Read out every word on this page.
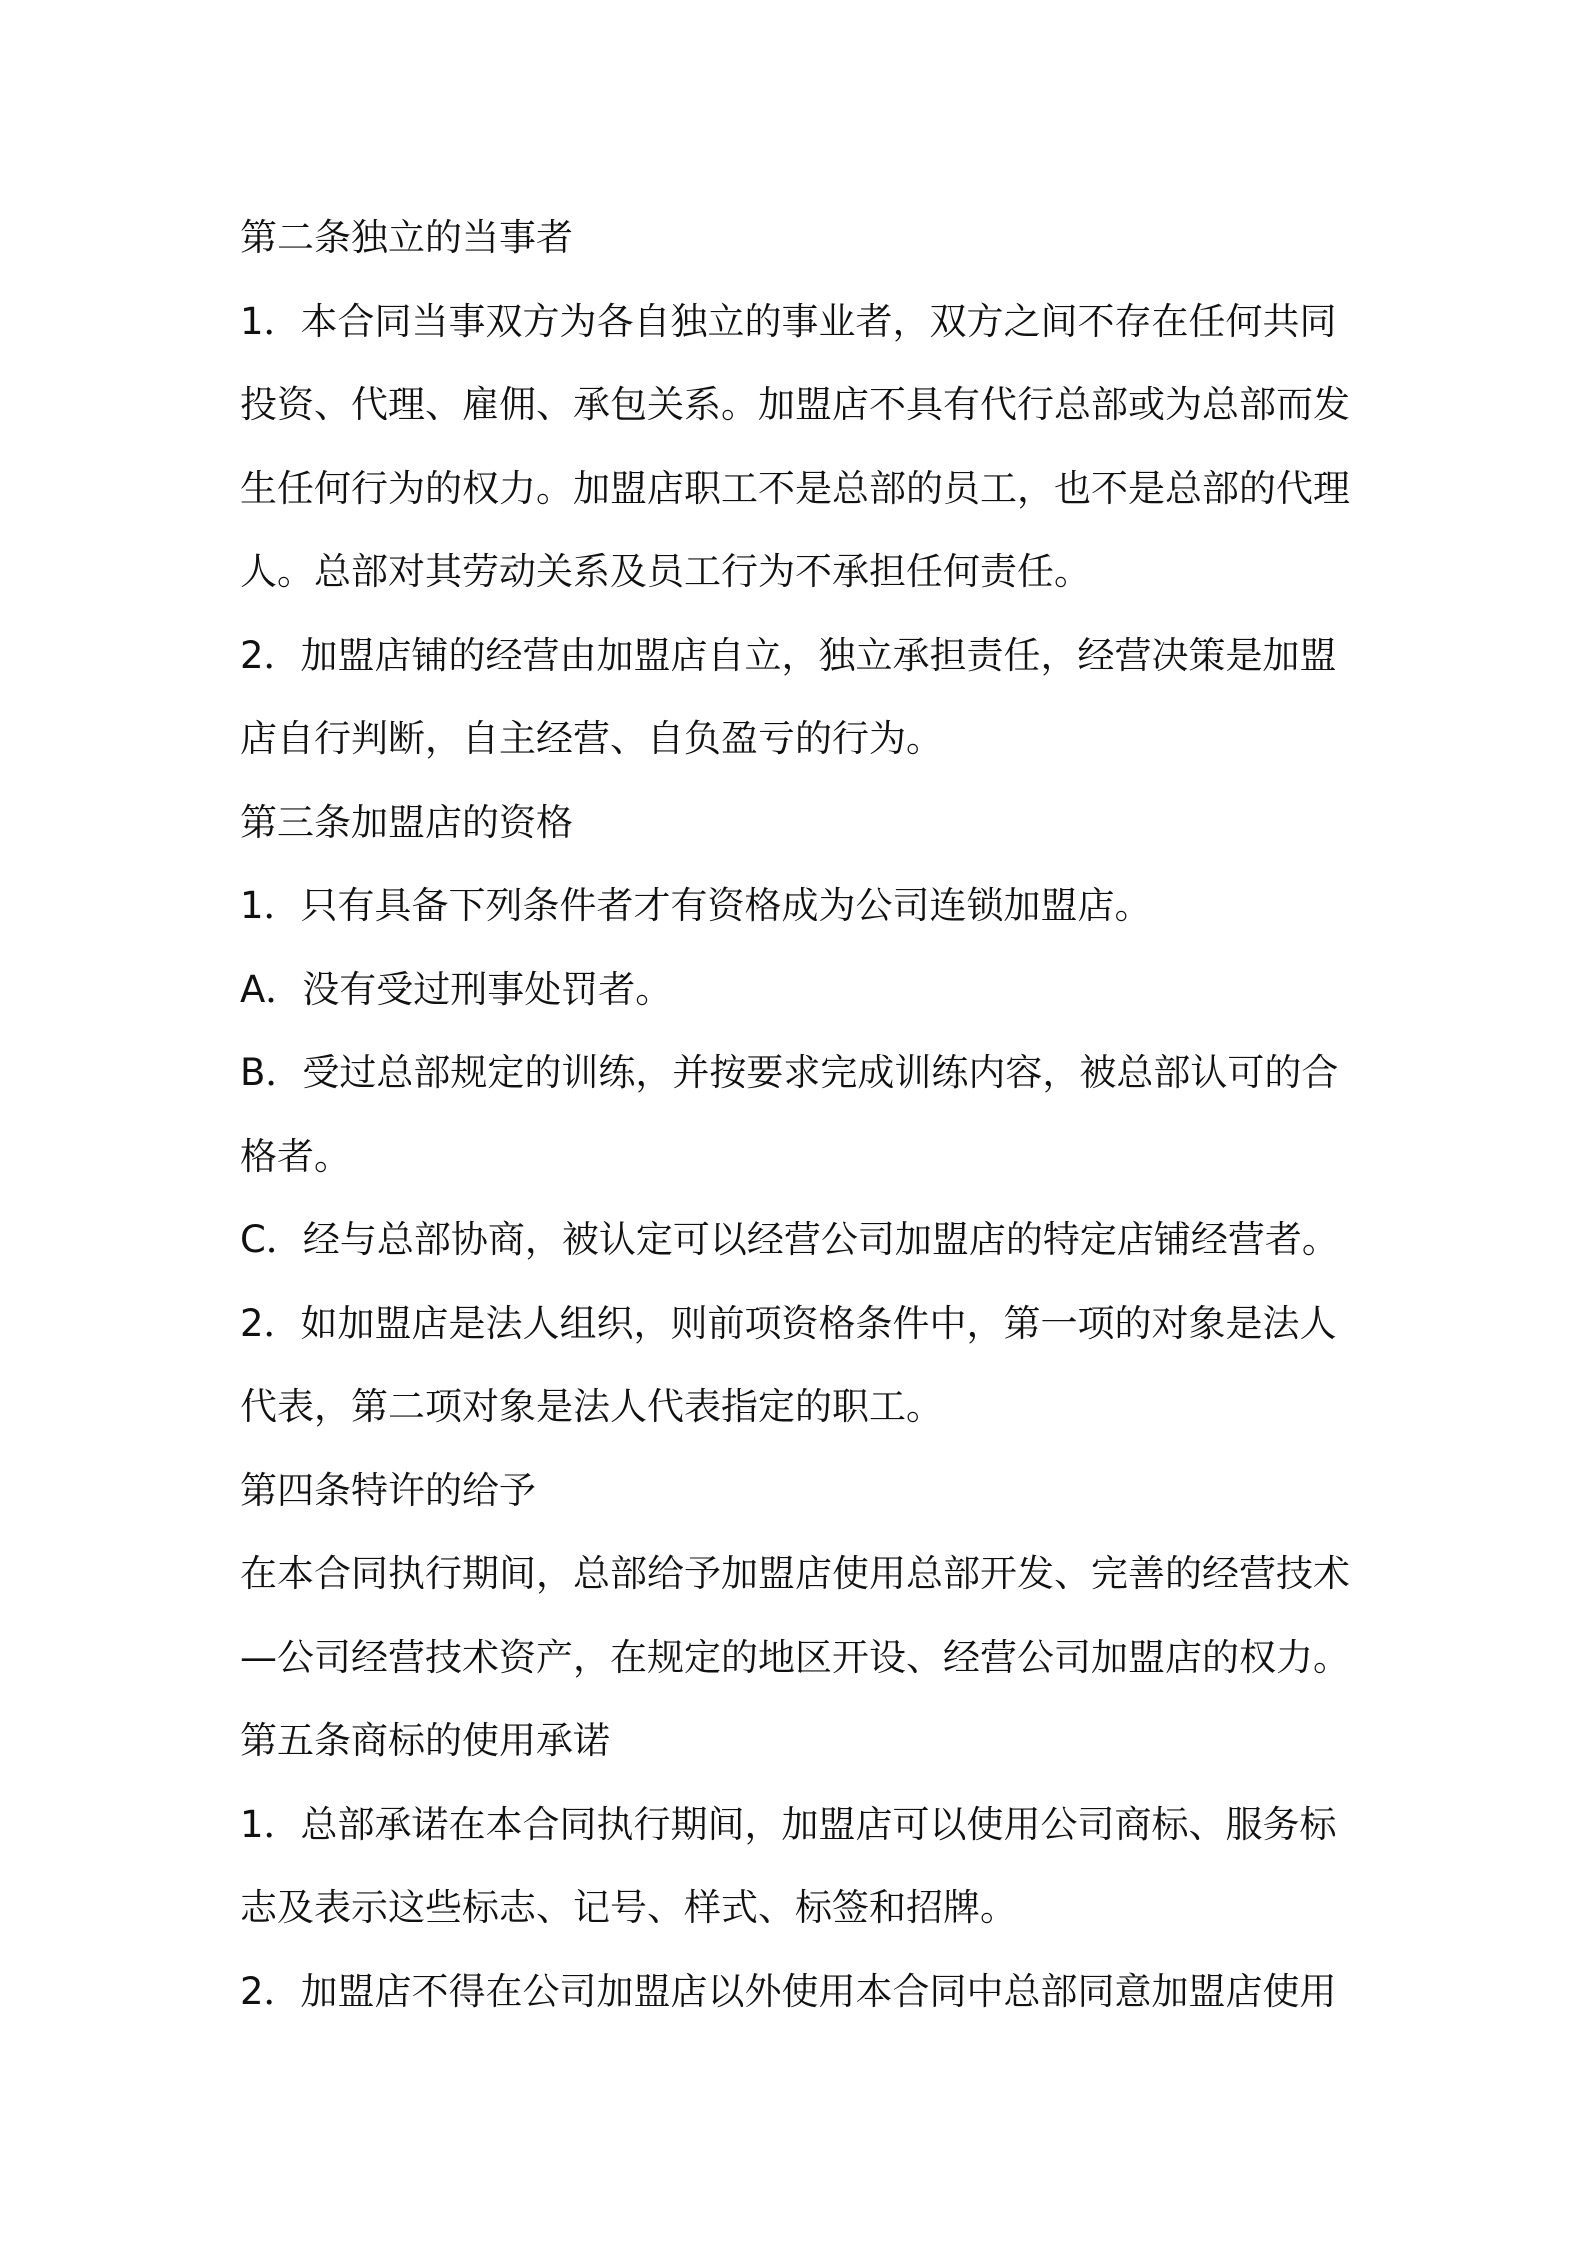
第二条独立的当事者
1．本合同当事双方为各自独立的事业者，双方之间不存在任何共同
投资、代理、雇佣、承包关系。加盟店不具有代行总部或为总部而发
生任何行为的权力。加盟店职工不是总部的员工，也不是总部的代理
人。总部对其劳动关系及员工行为不承担任何责任。
2．加盟店铺的经营由加盟店自立，独立承担责任，经营决策是加盟
店自行判断，自主经营、自负盈亏的行为。
第三条加盟店的资格
1．只有具备下列条件者才有资格成为公司连锁加盟店。
A．没有受过刑事处罚者。
B．受过总部规定的训练，并按要求完成训练内容，被总部认可的合
格者。
C．经与总部协商，被认定可以经营公司加盟店的特定店铺经营者。
2．如加盟店是法人组织，则前项资格条件中，第一项的对象是法人
代表，第二项对象是法人代表指定的职工。
第四条特许的给予
在本合同执行期间，总部给予加盟店使用总部开发、完善的经营技术
—公司经营技术资产，在规定的地区开设、经营公司加盟店的权力。
第五条商标的使用承诺
1．总部承诺在本合同执行期间，加盟店可以使用公司商标、服务标
志及表示这些标志、记号、样式、标签和招牌。
2．加盟店不得在公司加盟店以外使用本合同中总部同意加盟店使用
